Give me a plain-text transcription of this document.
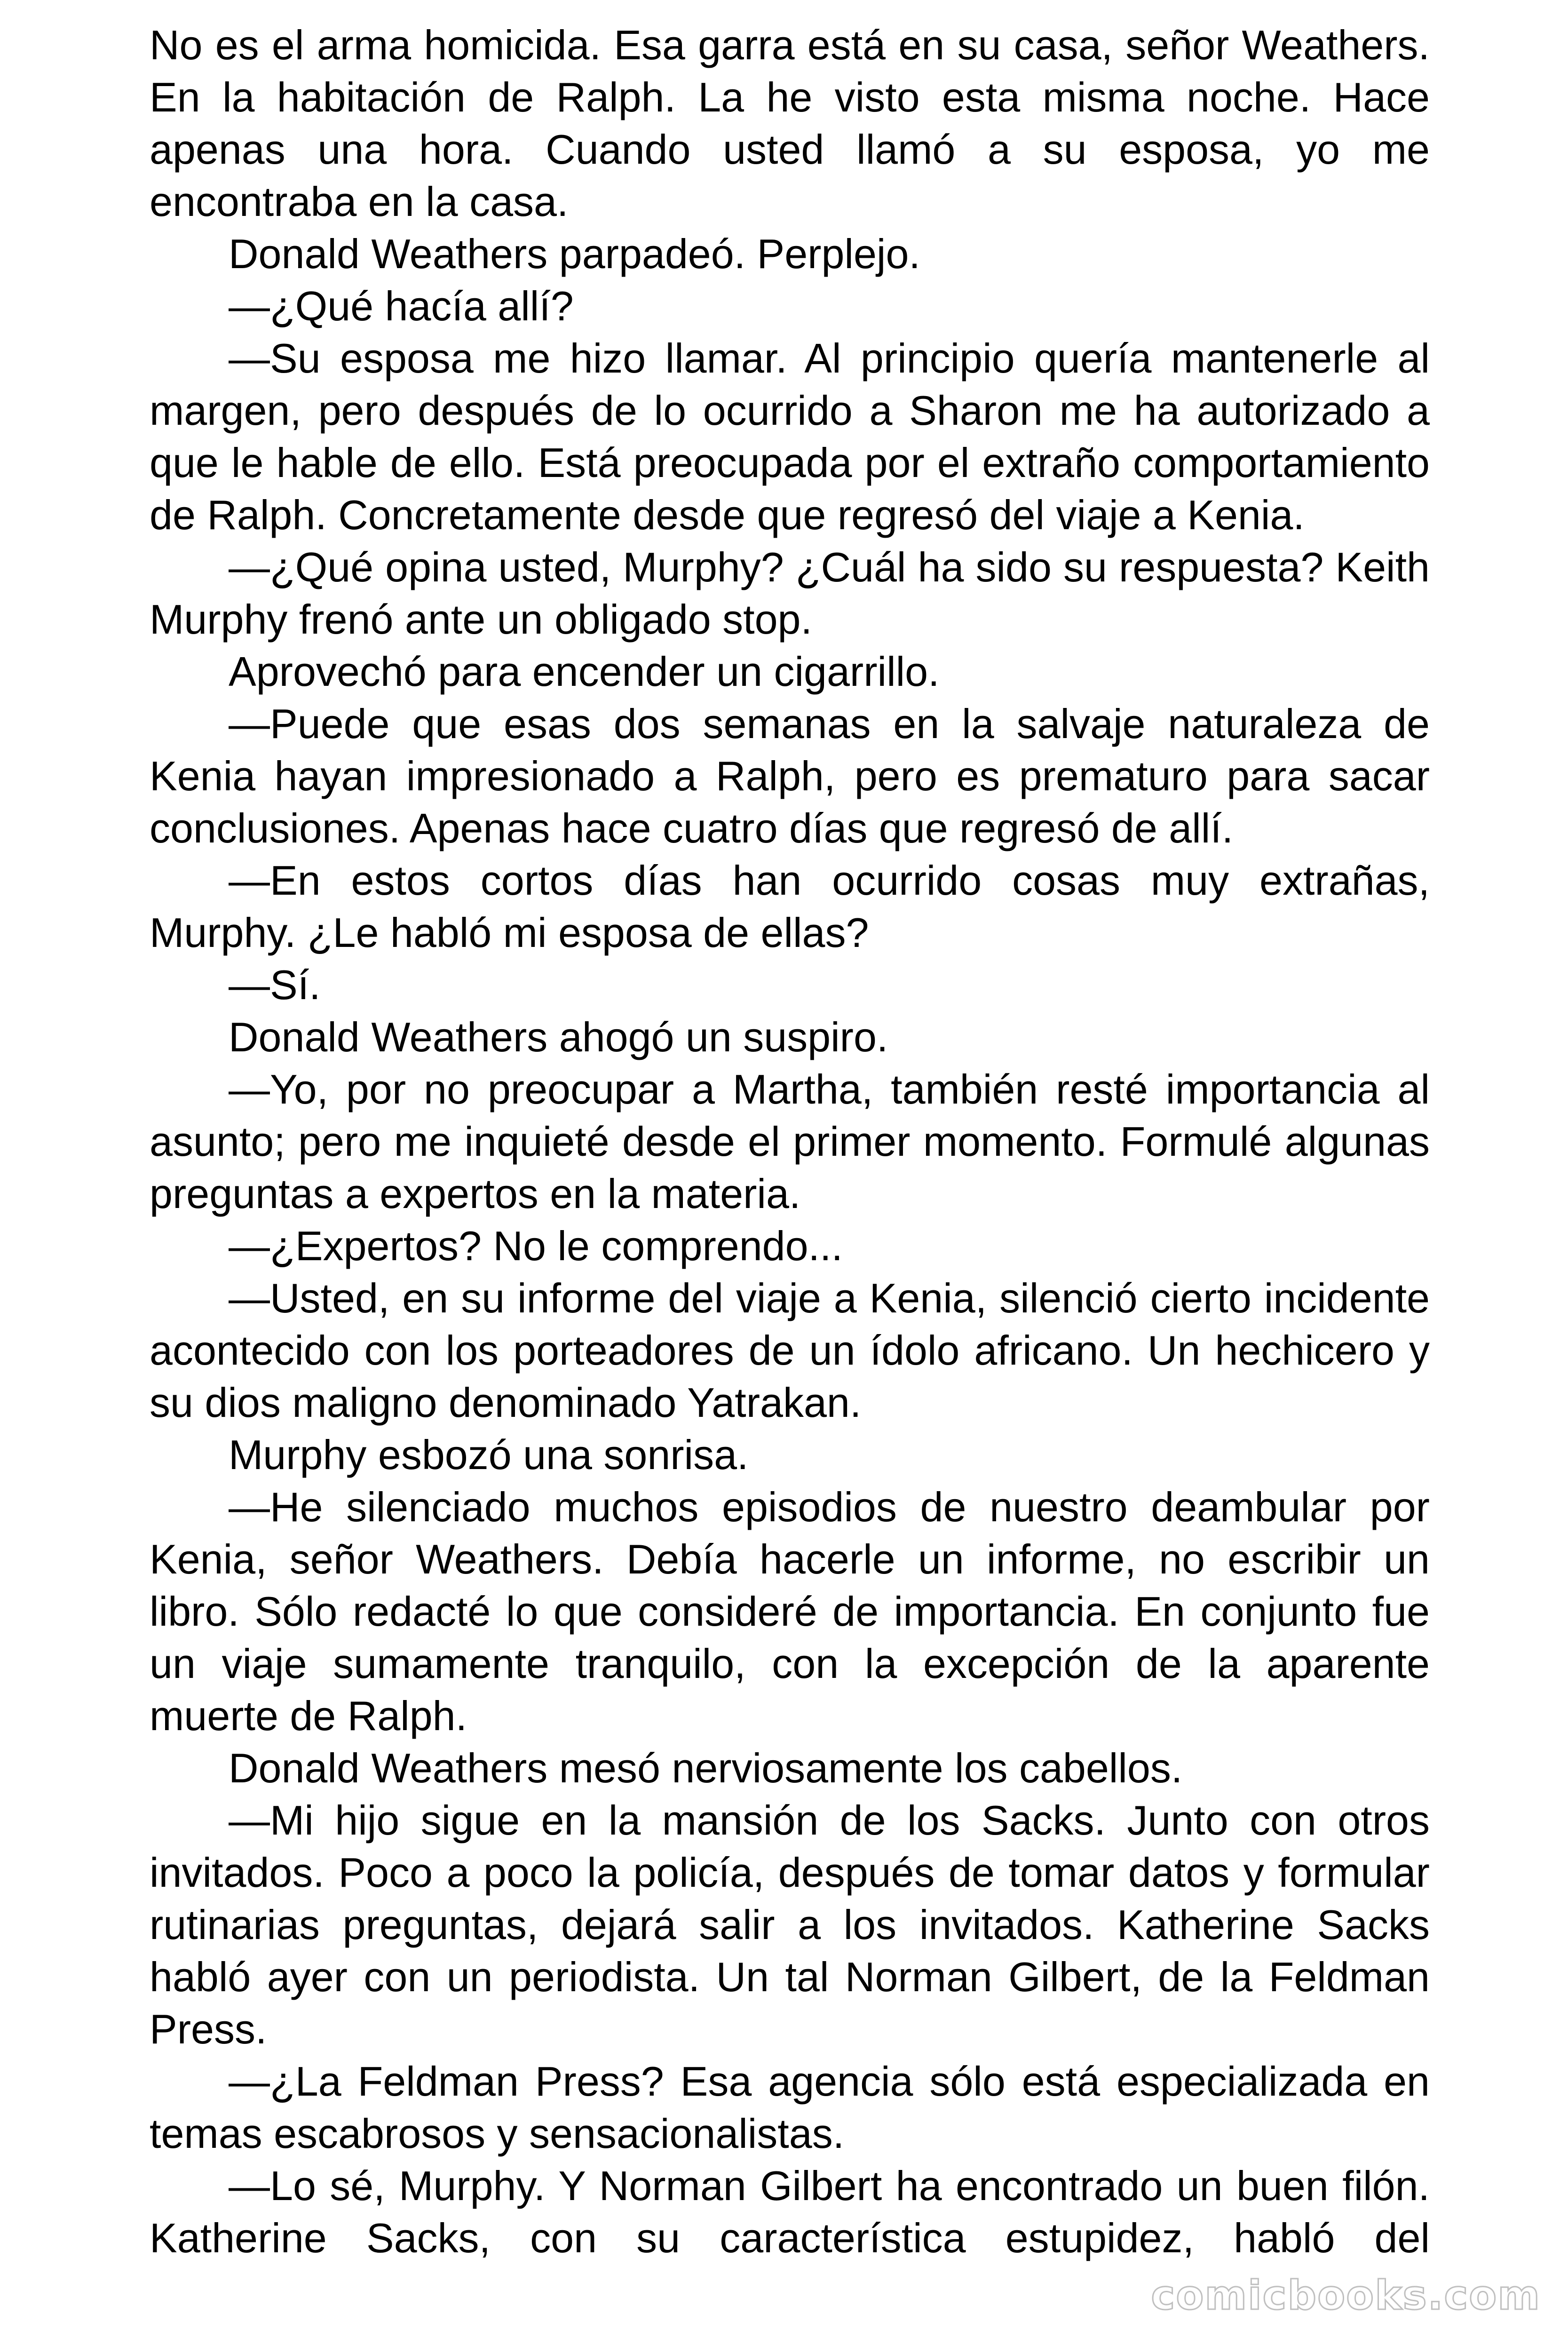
No es el arma homicida. Esa garra está en su casa, señor Weathers. En la habitación de Ralph. La he visto esta misma noche. Hace apenas una hora. Cuando usted llamó a su esposa, yo me encontraba en la casa.

Donald Weathers parpadeó. Perplejo.

—¿Qué hacía allí?

—Su esposa me hizo llamar. Al principio quería mantenerle al margen, pero después de lo ocurrido a Sharon me ha autorizado a que le hable de ello. Está preocupada por el extraño comportamiento de Ralph. Concretamente desde que regresó del viaje a Kenia.

—¿Qué opina usted, Murphy? ¿Cuál ha sido su respuesta? Keith Murphy frenó ante un obligado stop.

Aprovechó para encender un cigarrillo.

—Puede que esas dos semanas en la salvaje naturaleza de Kenia hayan impresionado a Ralph, pero es prematuro para sacar conclusiones. Apenas hace cuatro días que regresó de allí.

—En estos cortos días han ocurrido cosas muy extrañas, Murphy. ¿Le habló mi esposa de ellas?

—Sí.

Donald Weathers ahogó un suspiro.

—Yo, por no preocupar a Martha, también resté importancia al asunto; pero me inquieté desde el primer momento. Formulé algunas preguntas a expertos en la materia.

—¿Expertos? No le comprendo...

—Usted, en su informe del viaje a Kenia, silenció cierto incidente acontecido con los porteadores de un ídolo africano. Un hechicero y su dios maligno denominado Yatrakan.

Murphy esbozó una sonrisa.

—He silenciado muchos episodios de nuestro deambular por Kenia, señor Weathers. Debía hacerle un informe, no escribir un libro. Sólo redacté lo que consideré de importancia. En conjunto fue un viaje sumamente tranquilo, con la excepción de la aparente muerte de Ralph.

Donald Weathers mesó nerviosamente los cabellos.

—Mi hijo sigue en la mansión de los Sacks. Junto con otros invitados. Poco a poco la policía, después de tomar datos y formular rutinarias preguntas, dejará salir a los invitados. Katherine Sacks habló ayer con un periodista. Un tal Norman Gilbert, de la Feldman Press.

—¿La Feldman Press? Esa agencia sólo está especializada en temas escabrosos y sensacionalistas.

—Lo sé, Murphy. Y Norman Gilbert ha encontrado un buen filón. Katherine Sacks, con su característica estupidez, habló del

comicbooks.com
